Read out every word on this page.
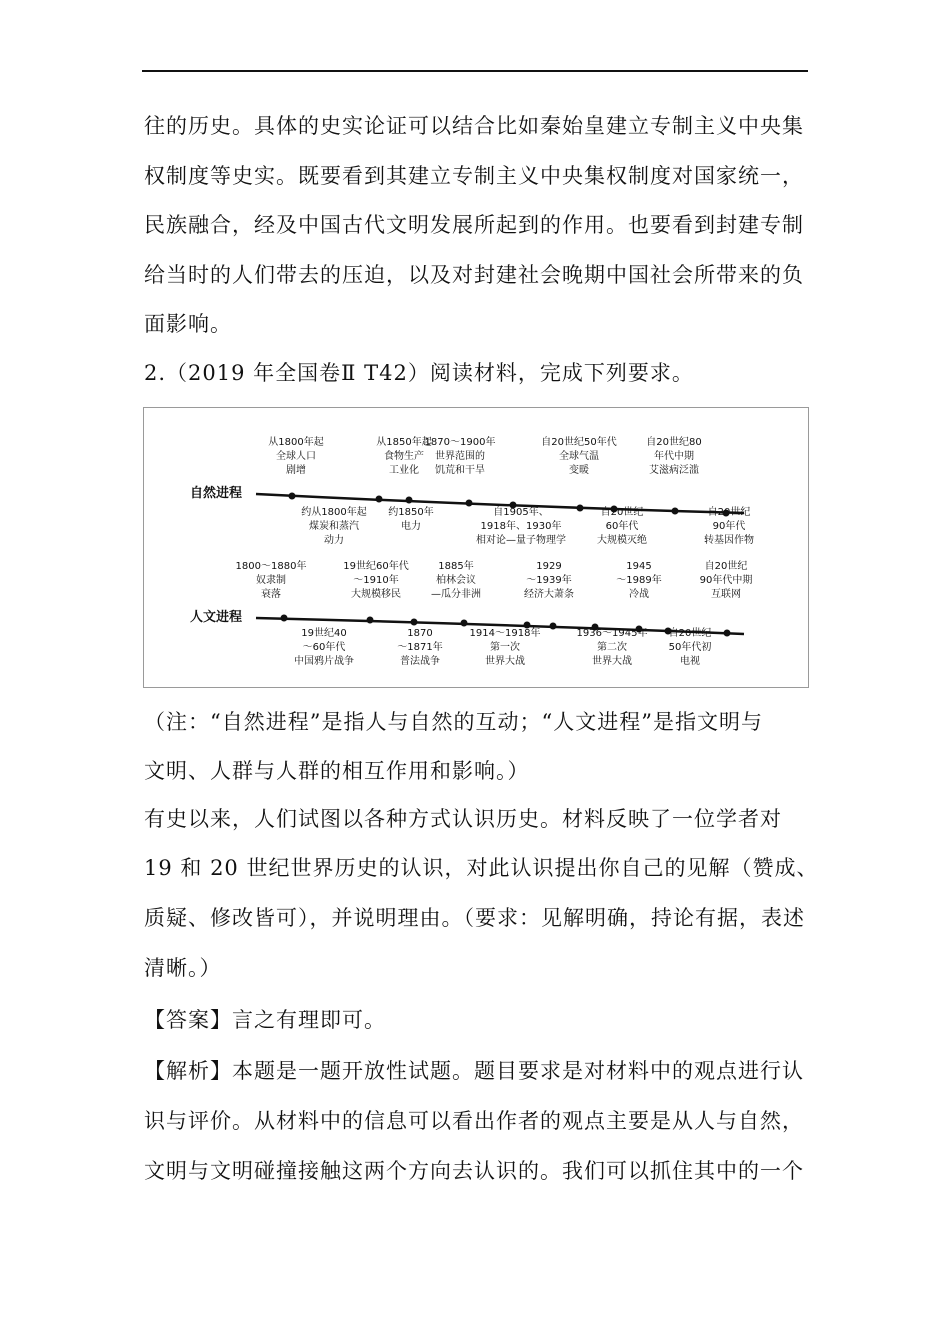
往的历史。具体的史实论证可以结合比如秦始皇建立专制主义中央集
权制度等史实。既要看到其建立专制主义中央集权制度对国家统一，
民族融合，经及中国古代文明发展所起到的作用。也要看到封建专制
给当时的人们带去的压迫，以及对封建社会晚期中国社会所带来的负
面影响。
2.（2019 年全国卷Ⅱ T42）阅读材料，完成下列要求。
自然进程
人文进程
从1800年起全球人口剧增
从1850年起食物生产工业化
1870～1900年世界范围的饥荒和干旱
自20世纪50年代全球气温变暖
自20世纪80 年代中期艾滋病泛滥
约从1800年起煤炭和蒸汽动力
约1850年电力
自1905年、 1918年、1930年相对论—量子物理学
自20世纪 60年代大规模灭绝
自20世纪 90年代转基因作物
1800～1880年奴隶制衰落
19世纪60年代～1910年大规模移民
1885年柏林会议—瓜分非洲
1929 ～1939年经济大萧条
1945 ～1989年冷战
自20世纪 90年代中期互联网
19世纪40 ～60年代中国鸦片战争
1870 ～1871年普法战争
1914～1918年第一次世界大战
1936～1945年第二次世界大战
自20世纪 50年代初电视
（注：“自然进程”是指人与自然的互动；“人文进程”是指文明与
文明、人群与人群的相互作用和影响。）
有史以来，人们试图以各种方式认识历史。材料反映了一位学者对
19 和 20 世纪世界历史的认识，对此认识提出你自己的见解（赞成、
质疑、修改皆可），并说明理由。（要求：见解明确，持论有据，表述
清晰。）
【答案】言之有理即可。
【解析】本题是一题开放性试题。题目要求是对材料中的观点进行认
识与评价。从材料中的信息可以看出作者的观点主要是从人与自然，
文明与文明碰撞接触这两个方向去认识的。我们可以抓住其中的一个
